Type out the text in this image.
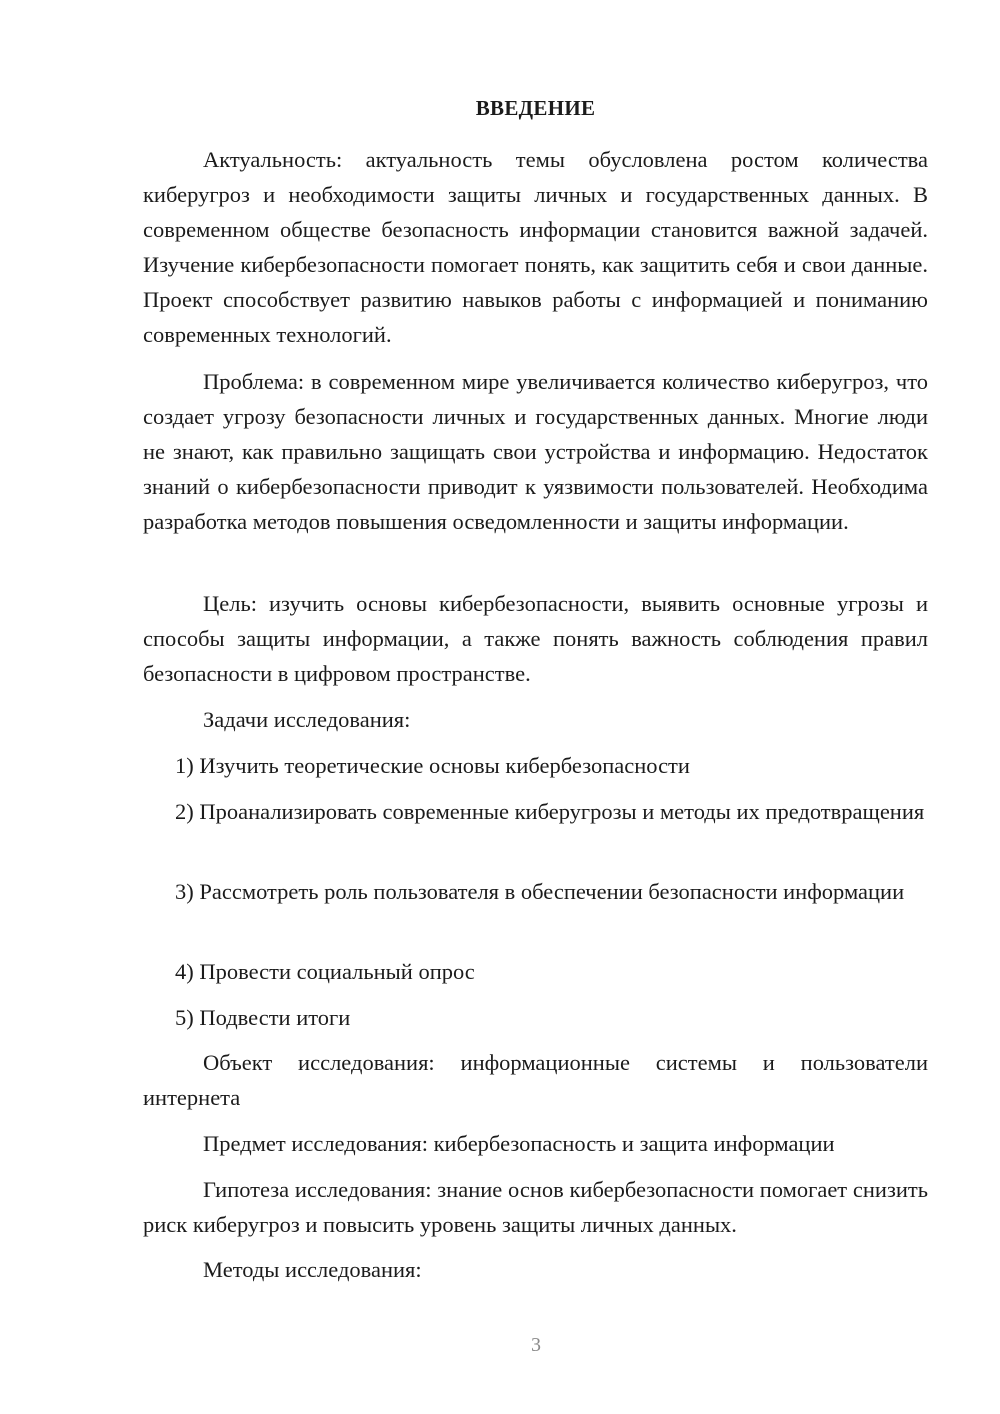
ВВЕДЕНИЕ

Актуальность: актуальность темы обусловлена ростом количества киберугроз и необходимости защиты личных и государственных данных. В современном обществе безопасность информации становится важной задачей. Изучение кибербезопасности помогает понять, как защитить себя и свои данные. Проект способствует развитию навыков работы с информацией и пониманию современных технологий.

Проблема: в современном мире увеличивается количество киберугроз, что создает угрозу безопасности личных и государственных данных. Многие люди не знают, как правильно защищать свои устройства и информацию. Недостаток знаний о кибербезопасности приводит к уязвимости пользователей. Необходима разработка методов повышения осведомленности и защиты информации.

Цель: изучить основы кибербезопасности, выявить основные угрозы и способы защиты информации, а также понять важность соблюдения правил безопасности в цифровом пространстве.

Задачи исследования:

1) Изучить теоретические основы кибербезопасности

2) Проанализировать современные киберугрозы и методы их предотвращения

3) Рассмотреть роль пользователя в обеспечении безопасности информации

4) Провести социальный опрос

5) Подвести итоги

Объект исследования: информационные системы и пользователи интернета

Предмет исследования: кибербезопасность и защита информации

Гипотеза исследования: знание основ кибербезопасности помогает снизить риск киберугроз и повысить уровень защиты личных данных.

Методы исследования:

3
